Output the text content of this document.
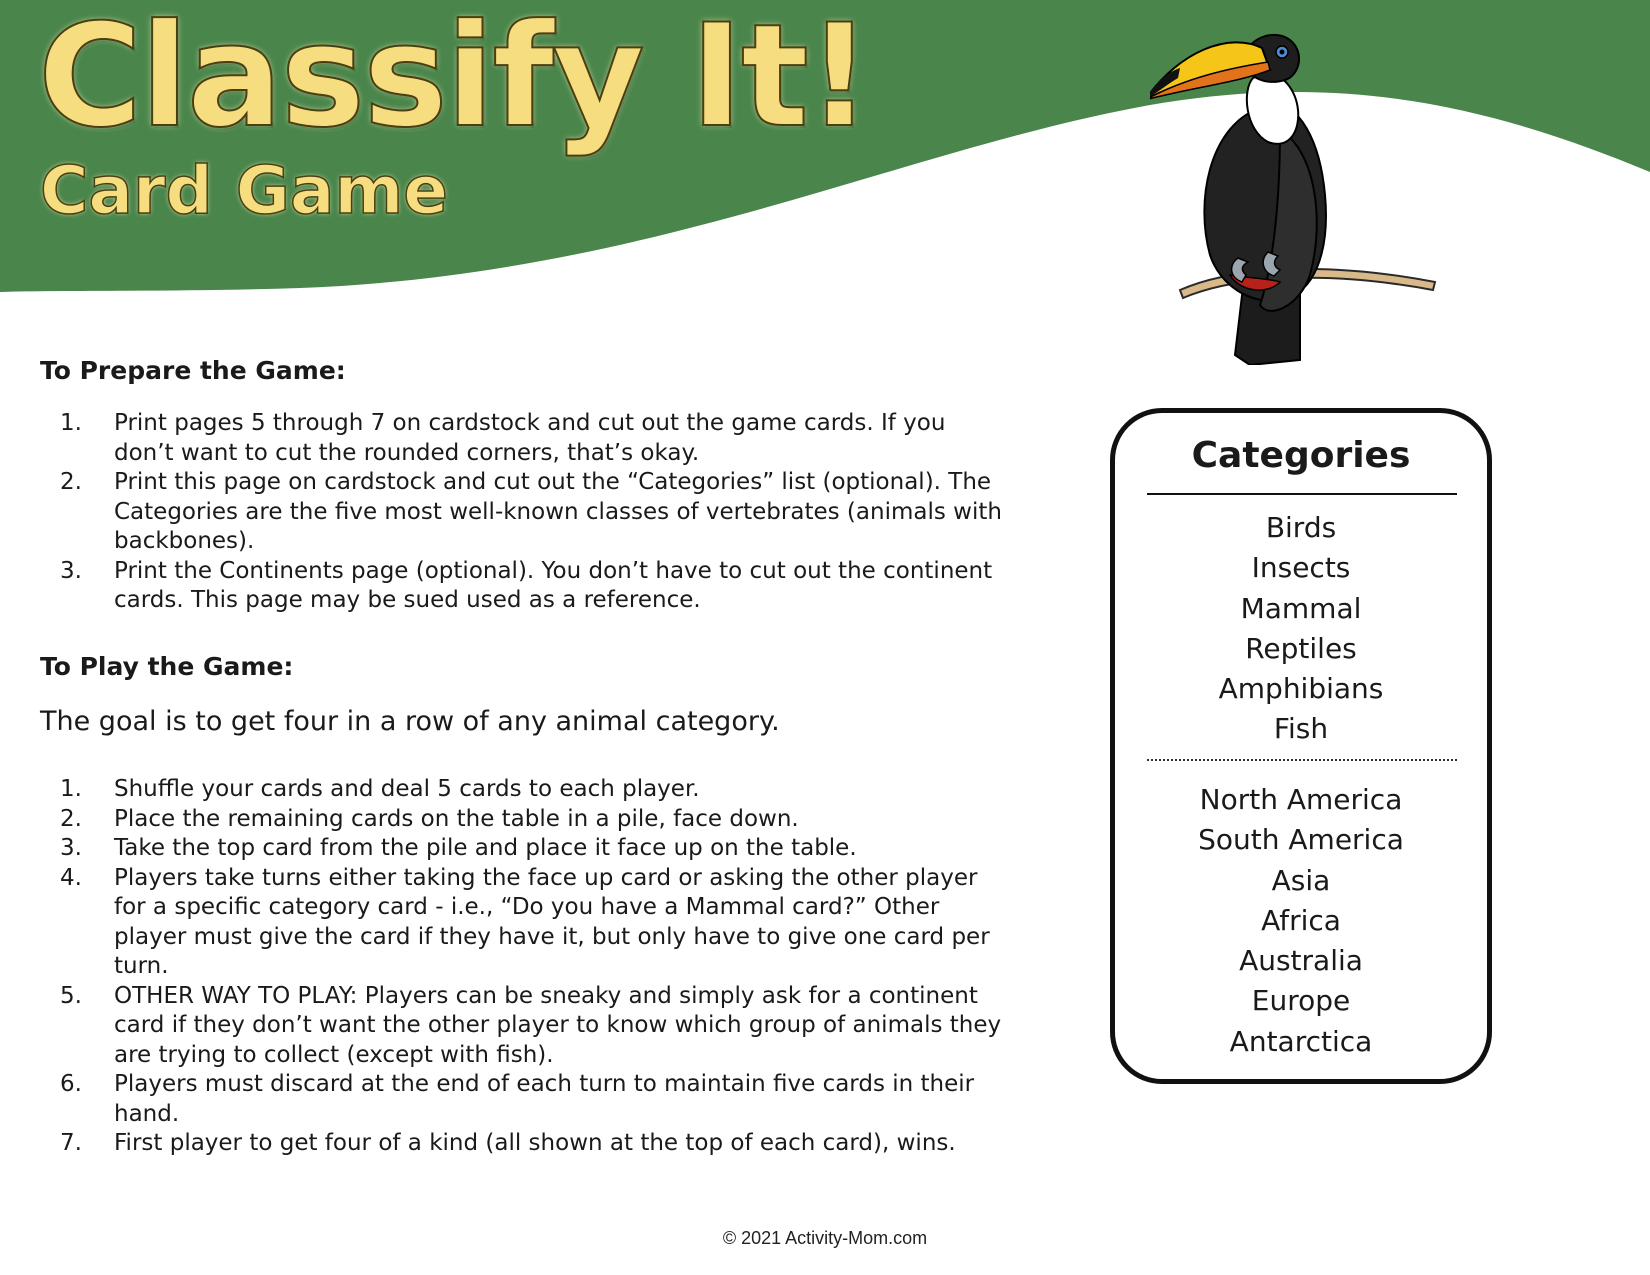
Classify It!
Card Game
To Prepare the Game:
1.	Print pages 5 through 7 on cardstock and cut out the game cards. If you don’t want to cut the rounded corners, that’s okay.
2.	Print this page on cardstock and cut out the “Categories” list (optional). The Categories are the five most well-known classes of vertebrates (animals with backbones).
3.	Print the Continents page (optional). You don’t have to cut out the continent cards. This page may be sued used as a reference.
To Play the Game:

The goal is to get four in a row of any animal category.

1.	Shuffle your cards and deal 5 cards to each player.
2.	Place the remaining cards on the table in a pile, face down.
3.	Take the top card from the pile and place it face up on the table.
4.	Players take turns either taking the face up card or asking the other player for a specific category card - i.e., “Do you have a Mammal card?” Other player must give the card if they have it, but only have to give one card per turn.
5.	OTHER WAY TO PLAY: Players can be sneaky and simply ask for a continent card if they don’t want the other player to know which group of animals they are trying to collect (except with fish).
6.	Players must discard at the end of each turn to maintain five cards in their hand.
7.	First player to get four of a kind (all shown at the top of each card), wins.
Categories
Birds
Insects
Mammal
Reptiles
Amphibians
Fish
North America
South America
Asia
Africa
Australia
Europe
Antarctica
© 2021 Activity-Mom.com
